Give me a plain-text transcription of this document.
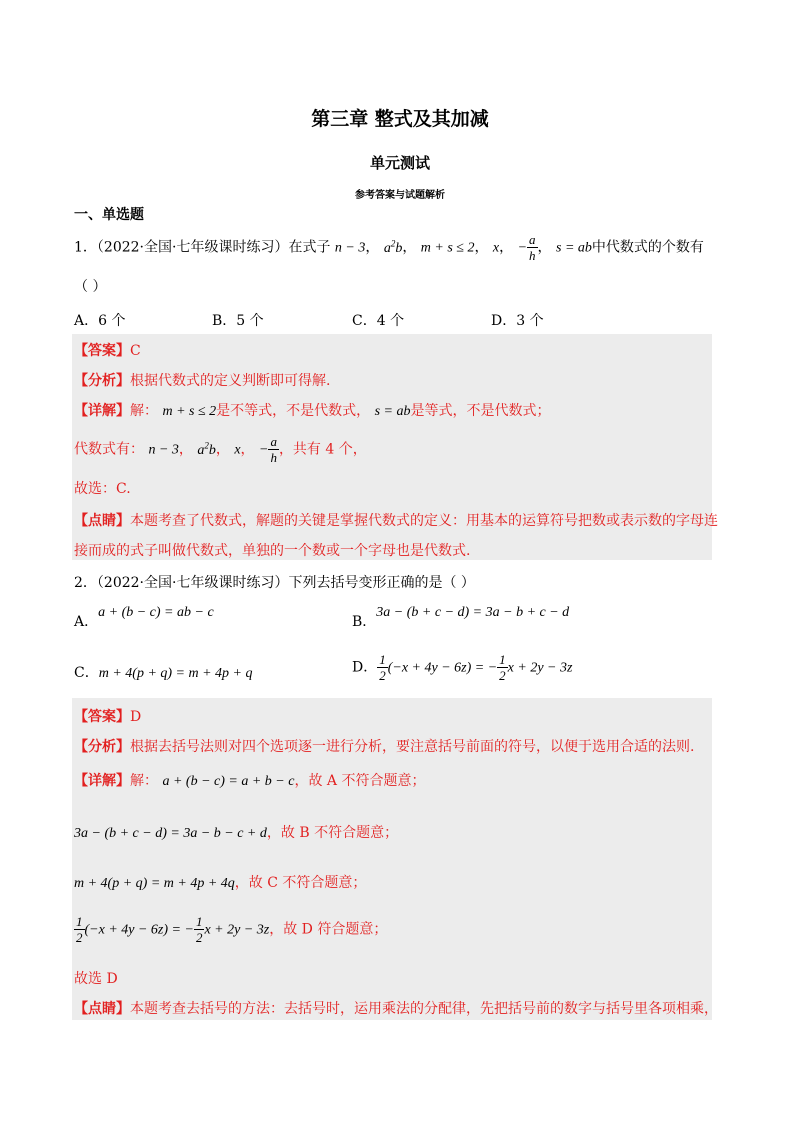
第三章 整式及其加减
单元测试
参考答案与试题解析
一、单选题
1．（2022·全国·七年级课时练习）在式子 n − 3， $a^2b$， m + s ≤ 2， x， − $\frac{a}{h}$ ， s = ab中代数式的个数有
（ ）
A．6 个	B．5 个	C．4 个	D．3 个
【答案】C
【分析】根据代数式的定义判断即可得解.
【详解】解： m + s ≤ 2是不等式，不是代数式， s = ab是等式，不是代数式；
代数式有： n − 3， $a^2b$， x， − $\frac{a}{h}$ ，共有 4 个，
故选：C.
【点睛】本题考查了代数式，解题的关键是掌握代数式的定义：用基本的运算符号把数或表示数的字母连
接而成的式子叫做代数式，单独的一个数或一个字母也是代数式.
2．（2022·全国·七年级课时练习）下列去括号变形正确的是（ ）
A．a + (b − c) = ab − c
B．3a − (b + c − d) = 3a − b + c − d
C．m + 4(p + q) = m + 4p + q	D． $\frac{1}{2} (-x + 4y - 6z)$ = − $\frac{1}{2}$ x + 2y − 3z
【答案】D
【分析】根据去括号法则对四个选项逐一进行分析，要注意括号前面的符号，以便于选用合适的法则.
【详解】解： a + (b − c) = a + b − c，故 A 不符合题意；
3a − (b + c − d) = 3a − b − c + d，故 B 不符合题意；
m + 4(p + q) = m + 4p + 4q，故 C 不符合题意；
$\frac{1}{2} (-x + 4y - 6z)$ = − $\frac{1}{2}$ x + 2y − 3z，故 D 符合题意；
故选 D
【点睛】本题考查去括号的方法：去括号时，运用乘法的分配律，先把括号前的数字与括号里各项相乘，
